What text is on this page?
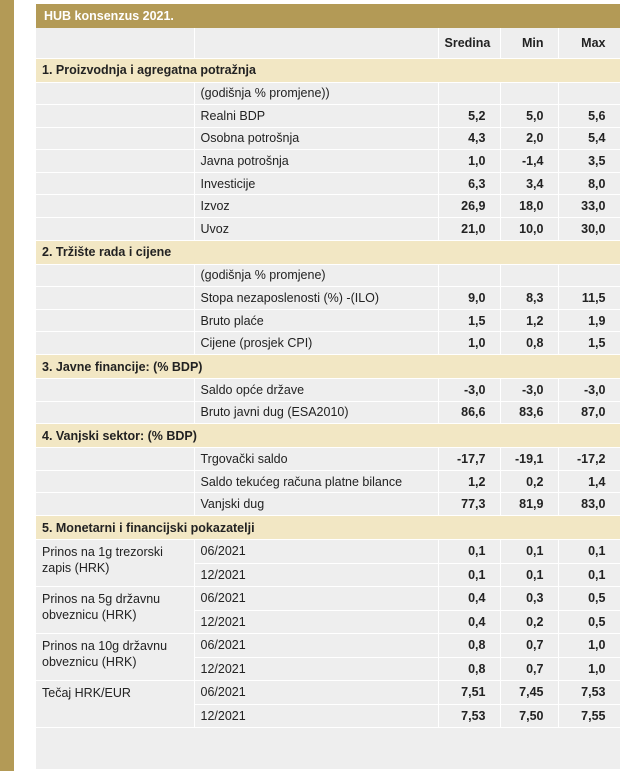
HUB konsenzus 2021.
		Sredina	Min	Max
1. Proizvodnja i agregatna potražnja				
	(godišnja % promjene))			
	Realni BDP	5,2	5,0	5,6
	Osobna potrošnja	4,3	2,0	5,4
	Javna potrošnja	1,0	-1,4	3,5
	Investicije	6,3	3,4	8,0
	Izvoz	26,9	18,0	33,0
	Uvoz	21,0	10,0	30,0
2. Tržište rada i cijene				
	(godišnja % promjene)			
	Stopa nezaposlenosti (%) -(ILO)	9,0	8,3	11,5
	Bruto plaće	1,5	1,2	1,9
	Cijene (prosjek CPI)	1,0	0,8	1,5
3. Javne financije: (% BDP)				
	Saldo opće države	-3,0	-3,0	-3,0
	Bruto javni dug (ESA2010)	86,6	83,6	87,0
4. Vanjski sektor: (% BDP)				
	Trgovački saldo	-17,7	-19,1	-17,2
	Saldo tekućeg računa platne bilance	1,2	0,2	1,4
	Vanjski dug	77,3	81,9	83,0
5. Monetarni i financijski pokazatelji				
Prinos na 1g trezorski zapis (HRK)	06/2021	0,1	0,1	0,1
	12/2021	0,1	0,1	0,1
Prinos na 5g državnu obveznicu (HRK)	06/2021	0,4	0,3	0,5
	12/2021	0,4	0,2	0,5
Prinos na 10g državnu obveznicu (HRK)	06/2021	0,8	0,7	1,0
	12/2021	0,8	0,7	1,0
Tečaj HRK/EUR	06/2021	7,51	7,45	7,53
	12/2021	7,53	7,50	7,55
